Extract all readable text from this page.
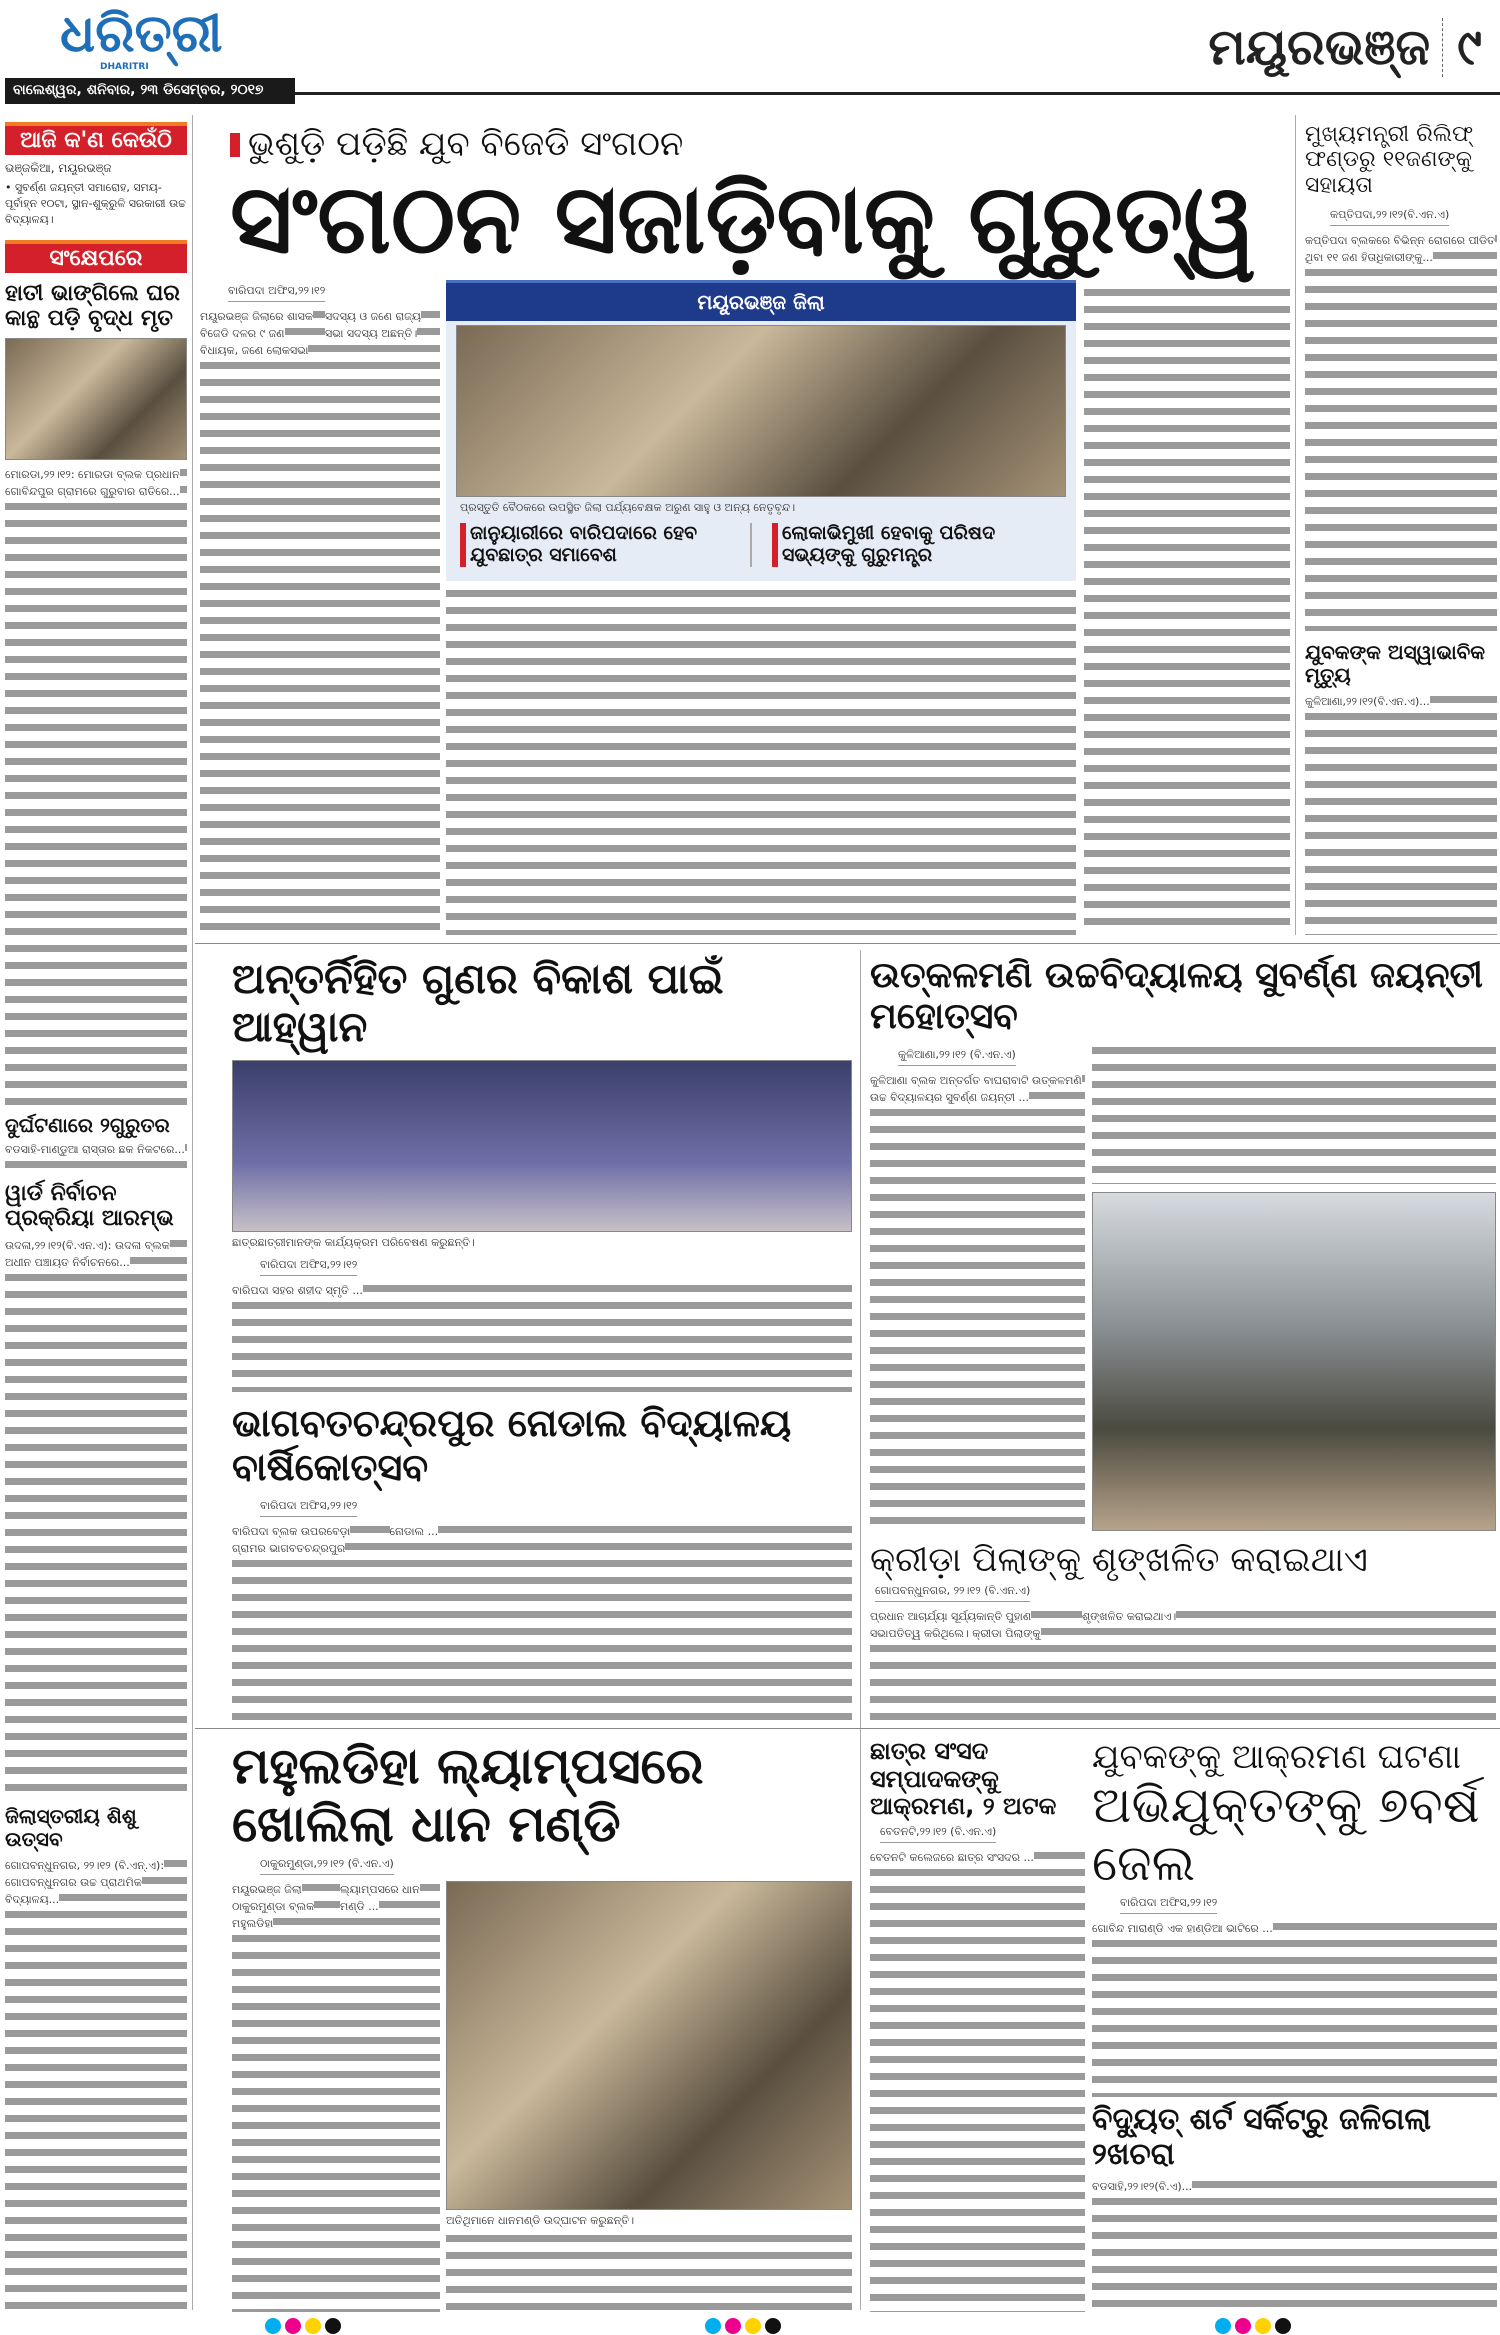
ଧରିତ୍ରୀ
DHARITRI
ବାଲେଶ୍ୱର, ଶନିବାର, ୨୩ ଡିସେମ୍ବର, ୨୦୧୭
ମୟୂରଭଞ୍ଜ ୯
ଆଜି କ'ଣ କେଉଁଠି
ଭଞ୍ଜକିଆ, ମୟୂରଭଞ୍ଜ
• ସୁବର୍ଣ୍ଣ ଜୟନ୍ତୀ ସମାରୋହ, ସମୟ- ପୂର୍ବାହ୍ନ ୧୦ଟା, ସ୍ଥାନ-ଶୁକ୍ରୁଳି ସରକାରୀ ଉଚ୍ଚ ବିଦ୍ୟାଳୟ।
ସଂକ୍ଷେପରେ
ହାତୀ ଭାଙ୍ଗିଲେ ଘର କାନ୍ଥ ପଡ଼ି ବୃଦ୍ଧ ମୃତ
ମୋରଡା,୨୨।୧୨: ମୋରଡା ବ୍ଲକ ପ୍ରଧାନ ଗୋବିନ୍ଦପୁର ଗ୍ରାମରେ ଗୁରୁବାର ରାତିରେ...
ଦୁର୍ଘଟଣାରେ ୨ଗୁରୁତର
ବଡସାହି-ମାଣ୍ଡୁଆ ରାସ୍ତାର ଛକ ନିକଟରେ...
ୱାର୍ଡ ନିର୍ବାଚନ ପ୍ରକ୍ରିୟା ଆରମ୍ଭ
ଉଦଳା,୨୨।୧୨(ବି.ଏନ.ଏ): ଉଦଳା ବ୍ଲକ ଅଧୀନ ପଞ୍ଚାୟତ ନିର୍ବାଚନରେ...
ଜିଲାସ୍ତରୀୟ ଶିଶୁ ଉତ୍ସବ
ଗୋପବନ୍ଧୁନଗର, ୨୨।୧୨ (ବି.ଏନ୍.ଏ): ଗୋପବନ୍ଧୁନଗର ଉଚ୍ଚ ପ୍ରାଥମିକ ବିଦ୍ୟାଳୟ...
ଭୁଶୁଡ଼ି ପଡ଼ିଛି ଯୁବ ବିଜେଡି ସଂଗଠନ
ସଂଗଠନ ସଜାଡ଼ିବାକୁ ଗୁରୁତ୍ୱ
ବାରିପଦା ଅଫିସ,୨୨।୧୨
ମୟୂରଭଞ୍ଜ ଜିଲାରେ ଶାସକ ବିଜେଡି ଦଳର ୯ ଜଣ ବିଧାୟକ, ଜଣେ ଲୋକସଭା ସଦସ୍ୟ ଓ ଜଣେ ରାଜ୍ୟ ସଭା ସଦସ୍ୟ ଅଛନ୍ତି।
ମୟୂରଭଞ୍ଜ ଜିଲା
ପ୍ରସ୍ତୁତି ବୈଠକରେ ଉପସ୍ଥିତ ଜିଲା ପର୍ଯ୍ୟବେକ୍ଷକ ଅରୁଣ ସାହୁ ଓ ଅନ୍ୟ ନେତୃବୃନ୍ଦ।
ଜାନୁୟାରୀରେ ବାରିପଦାରେ ହେବ ଯୁବଛାତ୍ର ସମାବେଶ
ଲୋକାଭିମୁଖୀ ହେବାକୁ ପରିଷଦ ସଭ୍ୟଙ୍କୁ ଗୁରୁମନ୍ତ୍ର
ମୁଖ୍ୟମନ୍ତ୍ରୀ ରିଲିଫ୍ ଫଣ୍ଡରୁ ୧୧ଜଣଙ୍କୁ ସହାୟତା
କପ୍ତିପଦା,୨୨।୧୨(ବି.ଏନ.ଏ)
କପ୍ତିପଦା ବ୍ଲକରେ ବିଭିନ୍ନ ରୋଗରେ ପୀଡିତ ଥିବା ୧୧ ଜଣ ହିତାଧିକାରୀଙ୍କୁ...
ଯୁବକଙ୍କ ଅସ୍ୱାଭାବିକ ମୃତ୍ୟୁ
କୁଳିଆଣା,୨୨।୧୨(ବି.ଏନ.ଏ)...
ଅନ୍ତର୍ନିହିତ ଗୁଣର ବିକାଶ ପାଇଁ ଆହ୍ୱାନ
ଛାତ୍ରଛାତ୍ରୀମାନଙ୍କ କାର୍ଯ୍ୟକ୍ରମ ପରିବେଷଣ କରୁଛନ୍ତି।
ବାରିପଦା ଅଫିସ,୨୨।୧୨
ବାରିପଦା ସହର ଶହୀଦ ସ୍ମୃତି ...
ଭାଗବତଚନ୍ଦ୍ରପୁର ନୋଡାଲ ବିଦ୍ୟାଳୟ ବାର୍ଷିକୋତ୍ସବ
ବାରିପଦା ଅଫିସ,୨୨।୧୨
ବାରିପଦା ବ୍ଲକ ଉପରବେଡ଼ା ଗ୍ରାମର ଭାଗବତଚନ୍ଦ୍ରପୁର ନୋଡାଲ ...
ଉତ୍କଳମଣି ଉଚ୍ଚବିଦ୍ୟାଳୟ ସୁବର୍ଣ୍ଣ ଜୟନ୍ତୀ ମହୋତ୍ସବ
କୁଳିଆଣା,୨୨।୧୨ (ବି.ଏନ.ଏ)
କୁଳିଆଣା ବ୍ଲକ ଅନ୍ତର୍ଗତ ବାଘରାବାଟି ଉତ୍କଳମଣି ଉଚ୍ଚ ବିଦ୍ୟାଳୟର ସୁବର୍ଣ୍ଣ ଜୟନ୍ତୀ ...
କ୍ରୀଡ଼ା ପିଲାଙ୍କୁ ଶୃଙ୍ଖଳିତ କରାଇଥାଏ
ଗୋପବନ୍ଧୁନଗର, ୨୨।୧୨ (ବି.ଏନ.ଏ)
ପ୍ରଧାନ ଆଚାର୍ଯ୍ୟା ସୂର୍ଯ୍ୟକାନ୍ତି ପୁହାଣ ସଭାପତିତ୍ୱ କରିଥିଲେ। କ୍ରୀଡା ପିଲାଙ୍କୁ ଶୃଙ୍ଖଳିତ କରାଇଥାଏ।
ମହୁଲଡିହା ଲ୍ୟାମ୍ପସରେ ଖୋଲିଲା ଧାନ ମଣ୍ଡି
ଠାକୁରମୁଣ୍ଡା,୨୨।୧୨ (ବି.ଏନ.ଏ)
ମୟୂରଭଞ୍ଜ ଜିଲା ଠାକୁରମୁଣ୍ଡା ବ୍ଲକ ମହୁଲଡିହା ଲ୍ୟାମ୍ପସରେ ଧାନ ମଣ୍ଡି ...
ଅତିଥିମାନେ ଧାନମଣ୍ଡି ଉଦ୍‌ଘାଟନ କରୁଛନ୍ତି।
ଛାତ୍ର ସଂସଦ ସମ୍ପାଦକଙ୍କୁ ଆକ୍ରମଣ, ୨ ଅଟକ
ବେତନଟି,୨୨।୧୨ (ବି.ଏନ.ଏ)
ବେତନଟି କଲେଜରେ ଛାତ୍ର ସଂସଦର ...
ଯୁବକଙ୍କୁ ଆକ୍ରମଣ ଘଟଣା
ଅଭିଯୁକ୍ତଙ୍କୁ ୭ବର୍ଷ ଜେଲ
ବାରିପଦା ଅଫିସ,୨୨।୧୨
ଗୋବିନ୍ଦ ମାରାଣ୍ଡି ଏକ ହାଣ୍ଡିଆ ଭାଟିରେ ...
ବିଦ୍ୟୁତ୍ ଶର୍ଟ ସର୍କିଟ୍‌ରୁ ଜଳିଗଲା ୨ଖଚରା
ବଡସାହି,୨୨।୧୨(ବି.ଏ)...
